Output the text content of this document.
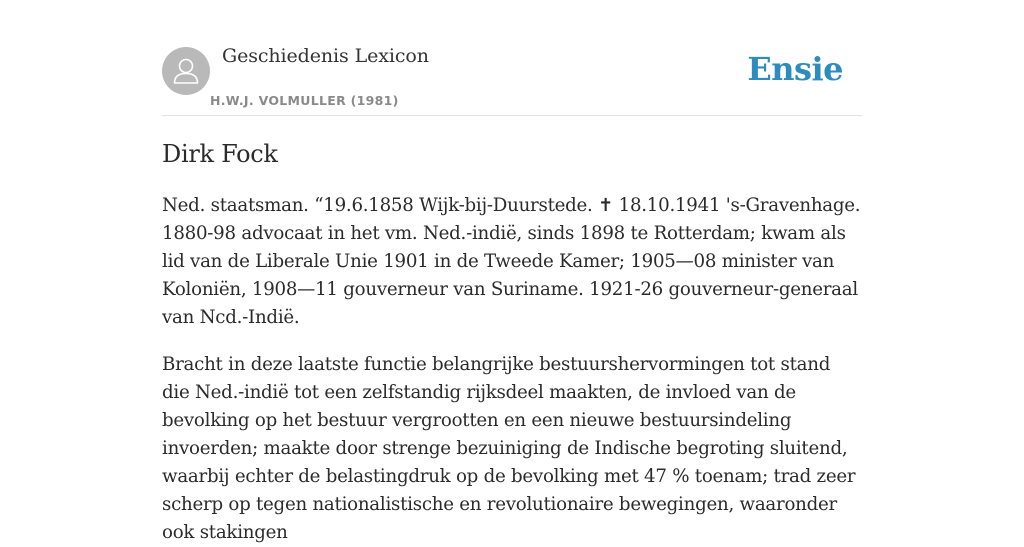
Geschiedenis Lexicon
H.W.J. VOLMULLER (1981)
Ensie
Dirk Fock

Ned. staatsman. “19.6.1858 Wijk-bij-Duurstede. ✝ 18.10.1941 's-Gravenhage. 1880-98 advocaat in het vm. Ned.-indië, sinds 1898 te Rotterdam; kwam als lid van de Liberale Unie 1901 in de Tweede Kamer; 1905—08 minister van Koloniën, 1908—11 gouverneur van Suriname. 1921-26 gouverneur-generaal van Ncd.-Indië.

Bracht in deze laatste functie belangrijke bestuurshervormingen tot stand die Ned.-indië tot een zelfstandig rijksdeel maakten, de invloed van de bevolking op het bestuur vergrootten en een nieuwe bestuursindeling invoerden; maakte door strenge bezuiniging de Indische begroting sluitend, waarbij echter de belastingdruk op de bevolking met 47 % toenam; trad zeer scherp op tegen nationalistische en revolutionaire bewegingen, waaronder ook stakingen
